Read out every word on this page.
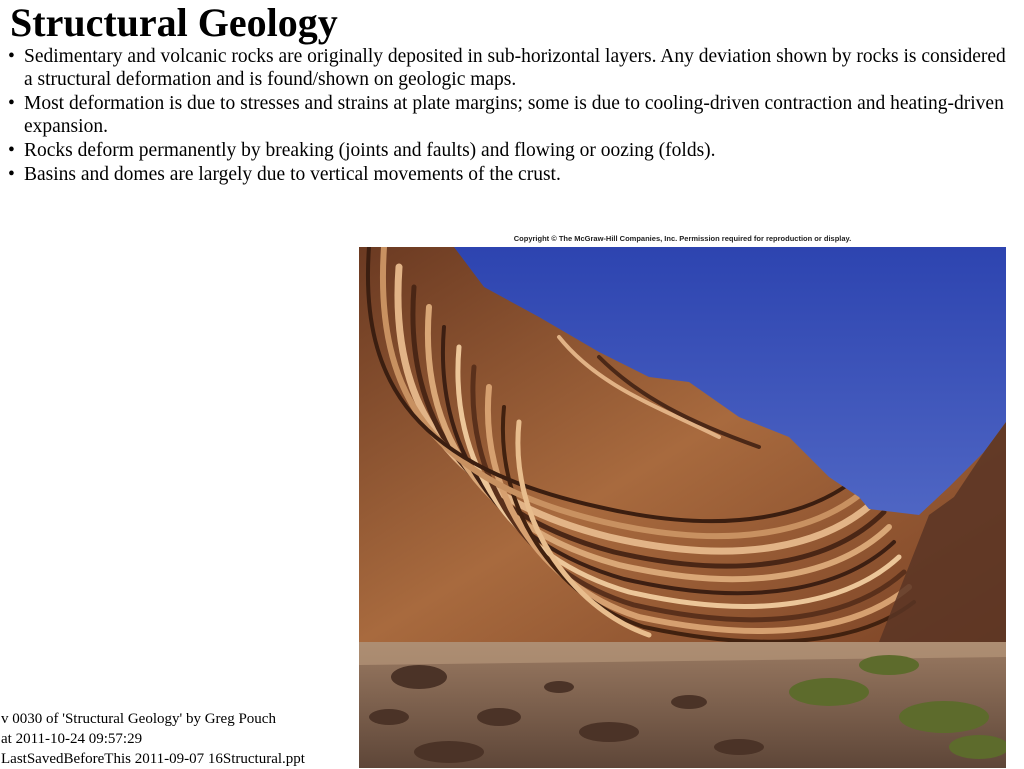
Structural Geology
• Sedimentary and volcanic rocks are originally deposited in sub-horizontal layers. Any deviation shown by rocks is considered a structural deformation and is found/shown on geologic maps.
• Most deformation is due to stresses and strains at plate margins; some is due to cooling-driven contraction and heating-driven expansion.
• Rocks deform permanently by breaking (joints and faults) and flowing or oozing (folds).
• Basins and domes are largely due to vertical movements of the crust.
Copyright © The McGraw-Hill Companies, Inc. Permission required for reproduction or display.
v 0030 of 'Structural Geology' by Greg Pouch
at 2011-10-24 09:57:29
LastSavedBeforeThis 2011-09-07 16Structural.ppt
